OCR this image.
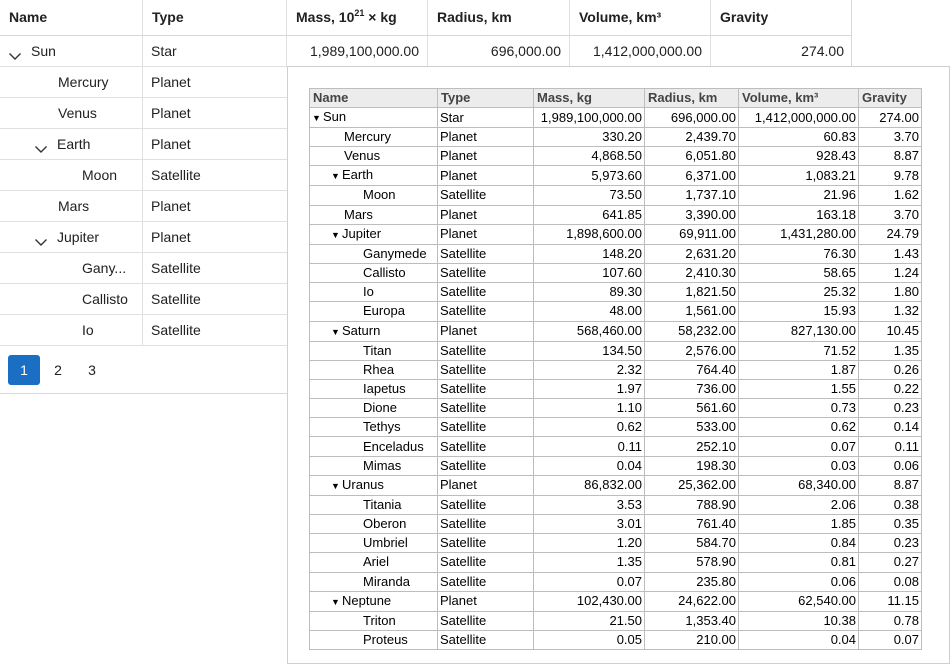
Name	Type	Mass, $10^{21}$ × kg	Radius, km	Volume, km³	Gravity
Sun	Star	1,989,100,000.00	696,000.00	1,412,000,000.00	274.00
Mercury	Planet
Venus	Planet
Earth	Planet
Moon	Satellite
Mars	Planet
Jupiter	Planet
Gany...	Satellite
Callisto	Satellite
Io	Satellite
1	2	3
Name	Type	Mass, kg	Radius, km	Volume, km³	Gravity
▼ Sun	Star	1,989,100,000.00	696,000.00	1,412,000,000.00	274.00
Mercury	Planet	330.20	2,439.70	60.83	3.70
Venus	Planet	4,868.50	6,051.80	928.43	8.87
▼ Earth	Planet	5,973.60	6,371.00	1,083.21	9.78
Moon	Satellite	73.50	1,737.10	21.96	1.62
Mars	Planet	641.85	3,390.00	163.18	3.70
▼ Jupiter	Planet	1,898,600.00	69,911.00	1,431,280.00	24.79
Ganymede	Satellite	148.20	2,631.20	76.30	1.43
Callisto	Satellite	107.60	2,410.30	58.65	1.24
Io	Satellite	89.30	1,821.50	25.32	1.80
Europa	Satellite	48.00	1,561.00	15.93	1.32
▼ Saturn	Planet	568,460.00	58,232.00	827,130.00	10.45
Titan	Satellite	134.50	2,576.00	71.52	1.35
Rhea	Satellite	2.32	764.40	1.87	0.26
Iapetus	Satellite	1.97	736.00	1.55	0.22
Dione	Satellite	1.10	561.60	0.73	0.23
Tethys	Satellite	0.62	533.00	0.62	0.14
Enceladus	Satellite	0.11	252.10	0.07	0.11
Mimas	Satellite	0.04	198.30	0.03	0.06
▼ Uranus	Planet	86,832.00	25,362.00	68,340.00	8.87
Titania	Satellite	3.53	788.90	2.06	0.38
Oberon	Satellite	3.01	761.40	1.85	0.35
Umbriel	Satellite	1.20	584.70	0.84	0.23
Ariel	Satellite	1.35	578.90	0.81	0.27
Miranda	Satellite	0.07	235.80	0.06	0.08
▼ Neptune	Planet	102,430.00	24,622.00	62,540.00	11.15
Triton	Satellite	21.50	1,353.40	10.38	0.78
Proteus	Satellite	0.05	210.00	0.04	0.07
